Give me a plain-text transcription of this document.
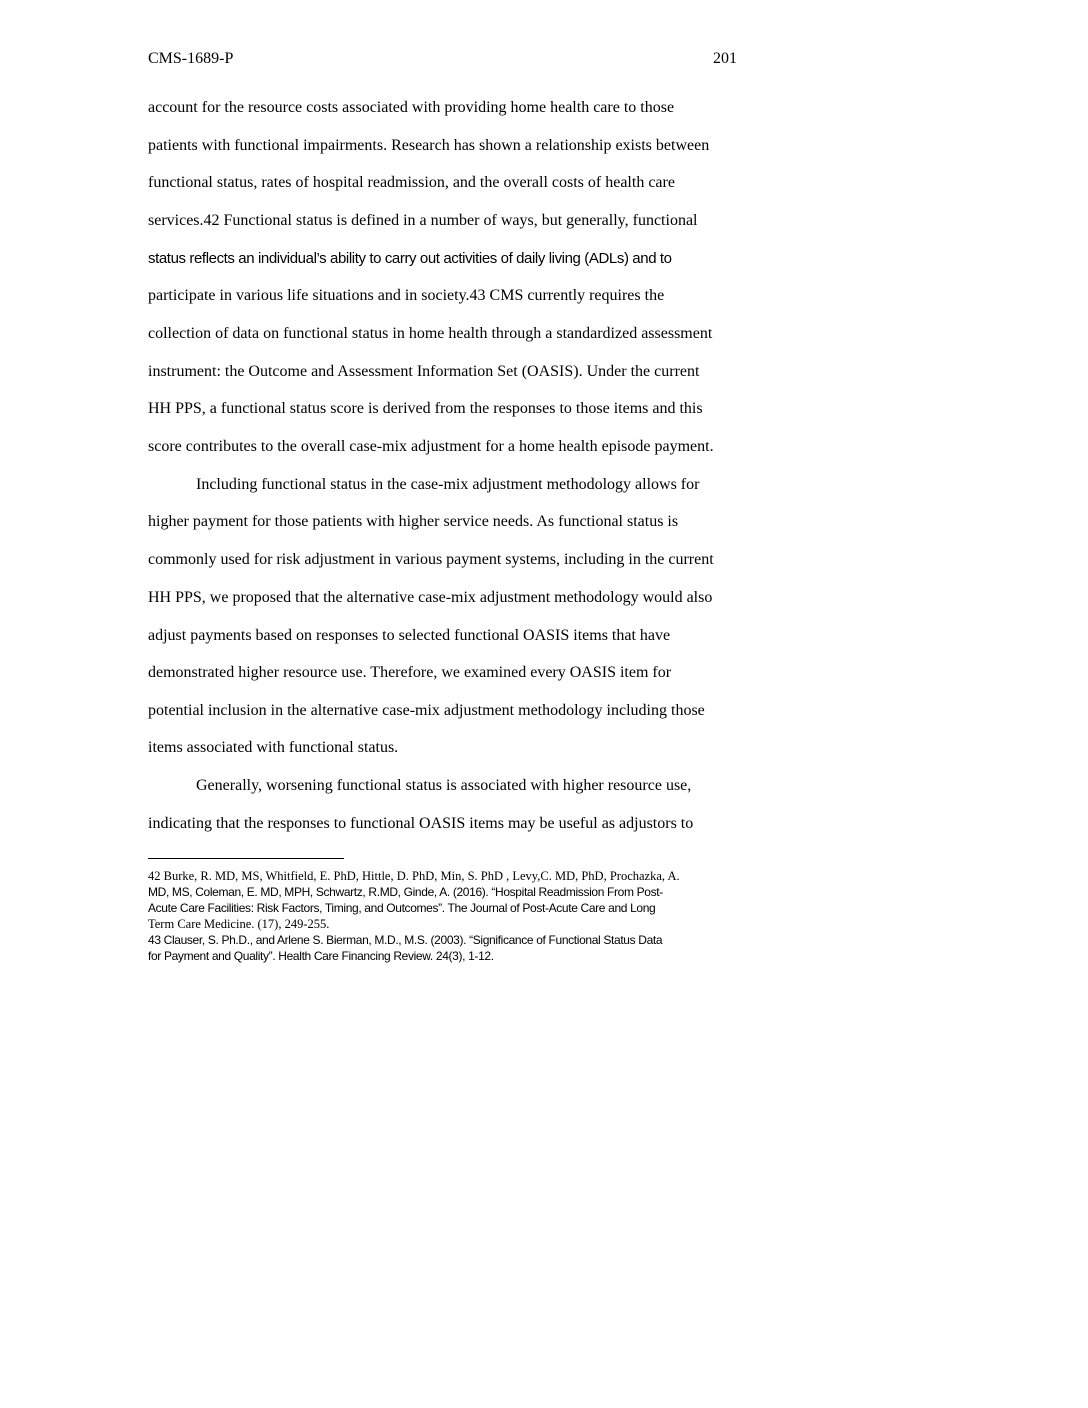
CMS-1689-P	201
account for the resource costs associated with providing home health care to those
patients with functional impairments. Research has shown a relationship exists between
functional status, rates of hospital readmission, and the overall costs of health care
services.42 Functional status is defined in a number of ways, but generally, functional
status reflects an individual’s ability to carry out activities of daily living (ADLs) and to
participate in various life situations and in society.43 CMS currently requires the
collection of data on functional status in home health through a standardized assessment
instrument: the Outcome and Assessment Information Set (OASIS). Under the current
HH PPS, a functional status score is derived from the responses to those items and this
score contributes to the overall case-mix adjustment for a home health episode payment.
Including functional status in the case-mix adjustment methodology allows for
higher payment for those patients with higher service needs. As functional status is
commonly used for risk adjustment in various payment systems, including in the current
HH PPS, we proposed that the alternative case-mix adjustment methodology would also
adjust payments based on responses to selected functional OASIS items that have
demonstrated higher resource use. Therefore, we examined every OASIS item for
potential inclusion in the alternative case-mix adjustment methodology including those
items associated with functional status.
Generally, worsening functional status is associated with higher resource use,
indicating that the responses to functional OASIS items may be useful as adjustors to
42 Burke, R. MD, MS, Whitfield, E. PhD, Hittle, D. PhD, Min, S. PhD , Levy,C. MD, PhD, Prochazka, A.
MD, MS, Coleman, E. MD, MPH, Schwartz, R.MD, Ginde, A. (2016). “Hospital Readmission From Post-
Acute Care Facilities: Risk Factors, Timing, and Outcomes”. The Journal of Post-Acute Care and Long
Term Care Medicine. (17), 249-255.
43 Clauser, S. Ph.D., and Arlene S. Bierman, M.D., M.S. (2003). “Significance of Functional Status Data
for Payment and Quality”. Health Care Financing Review. 24(3), 1-12.
